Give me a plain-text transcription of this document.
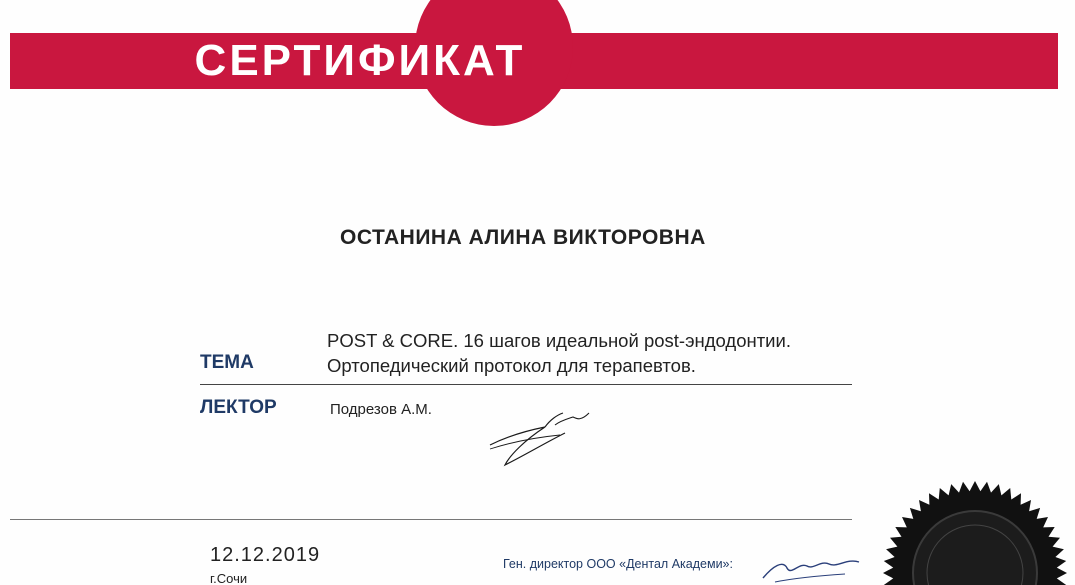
СЕРТИФИКАТ
ОСТАНИНА АЛИНА ВИКТОРОВНА
POST & CORE. 16 шагов идеальной post-эндодонтии.
Ортопедический протокол для терапевтов.
ТЕМА
ЛЕКТОР	Подрезов А.М.
12.12.2019
г.Сочи
Ген. директор ООО «Дентал Академи»:
